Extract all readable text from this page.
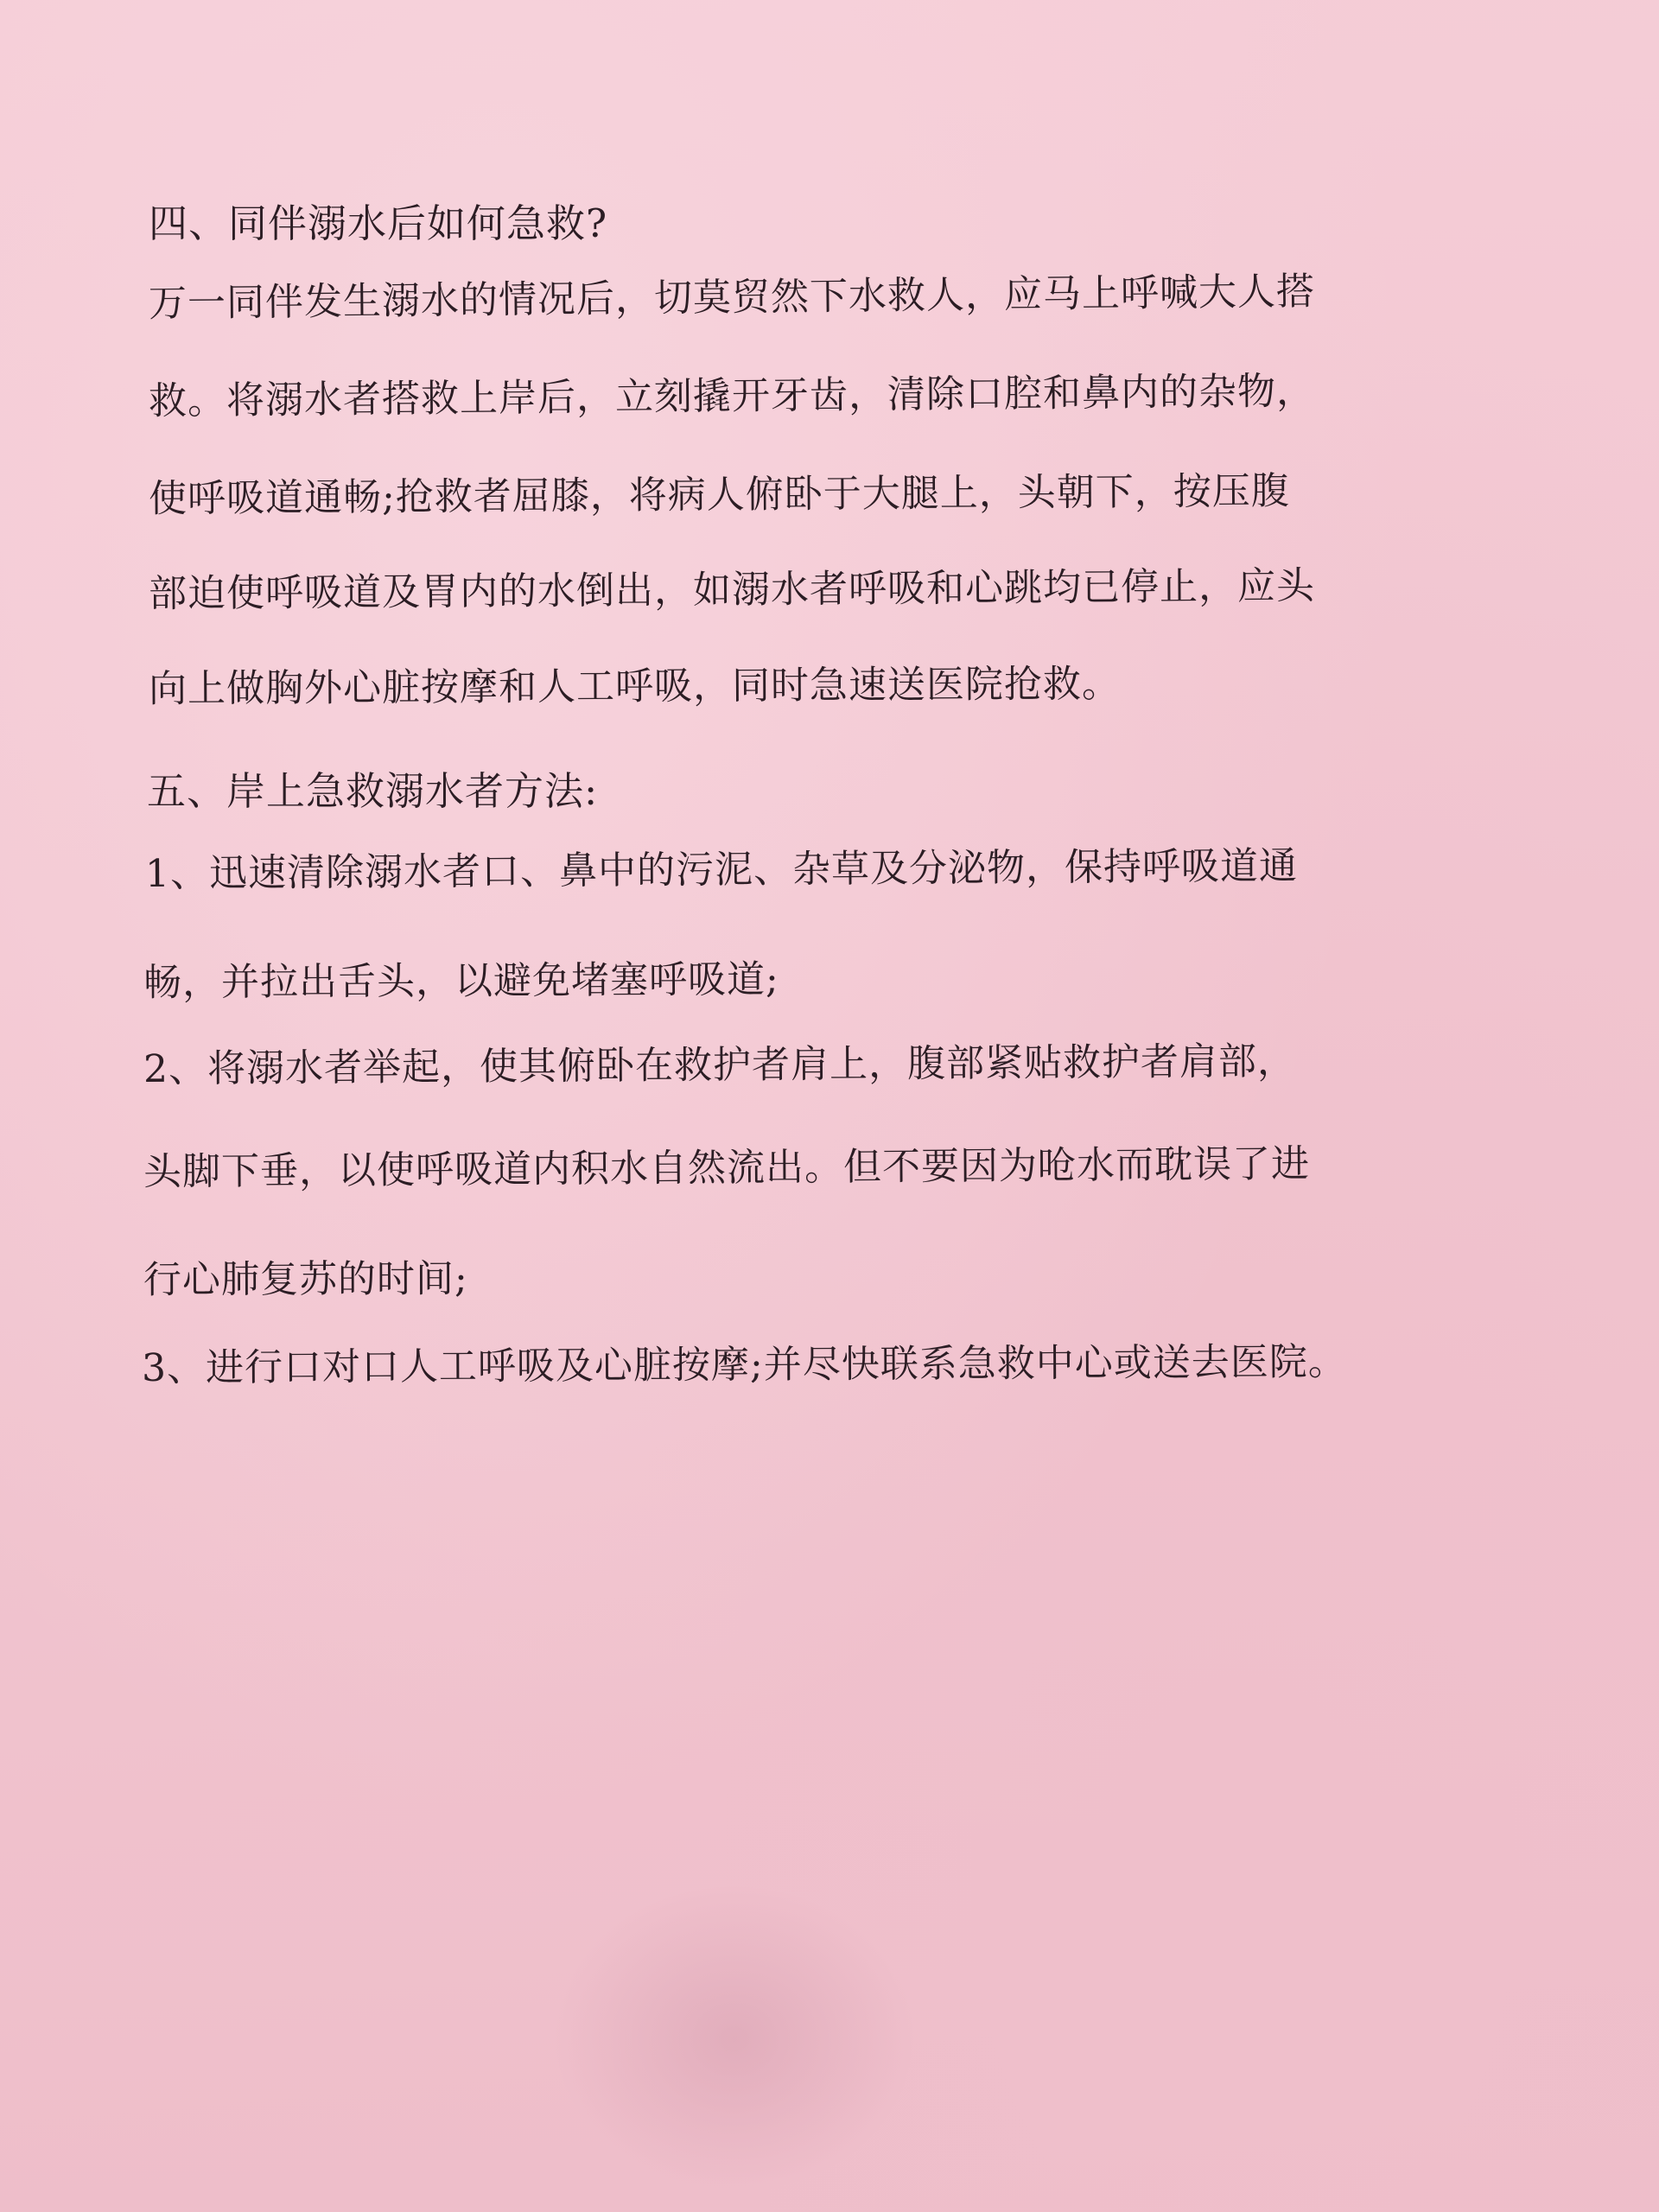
四、同伴溺水后如何急救?
万一同伴发生溺水的情况后，切莫贸然下水救人，应马上呼喊大人搭
救。将溺水者搭救上岸后，立刻撬开牙齿，清除口腔和鼻内的杂物，
使呼吸道通畅;抢救者屈膝，将病人俯卧于大腿上，头朝下，按压腹
部迫使呼吸道及胃内的水倒出，如溺水者呼吸和心跳均已停止，应头
向上做胸外心脏按摩和人工呼吸，同时急速送医院抢救。
五、岸上急救溺水者方法:
1、迅速清除溺水者口、鼻中的污泥、杂草及分泌物，保持呼吸道通
畅，并拉出舌头，以避免堵塞呼吸道;
2、将溺水者举起，使其俯卧在救护者肩上，腹部紧贴救护者肩部，
头脚下垂，以使呼吸道内积水自然流出。但不要因为呛水而耽误了进
行心肺复苏的时间;
3、进行口对口人工呼吸及心脏按摩;并尽快联系急救中心或送去医院。
